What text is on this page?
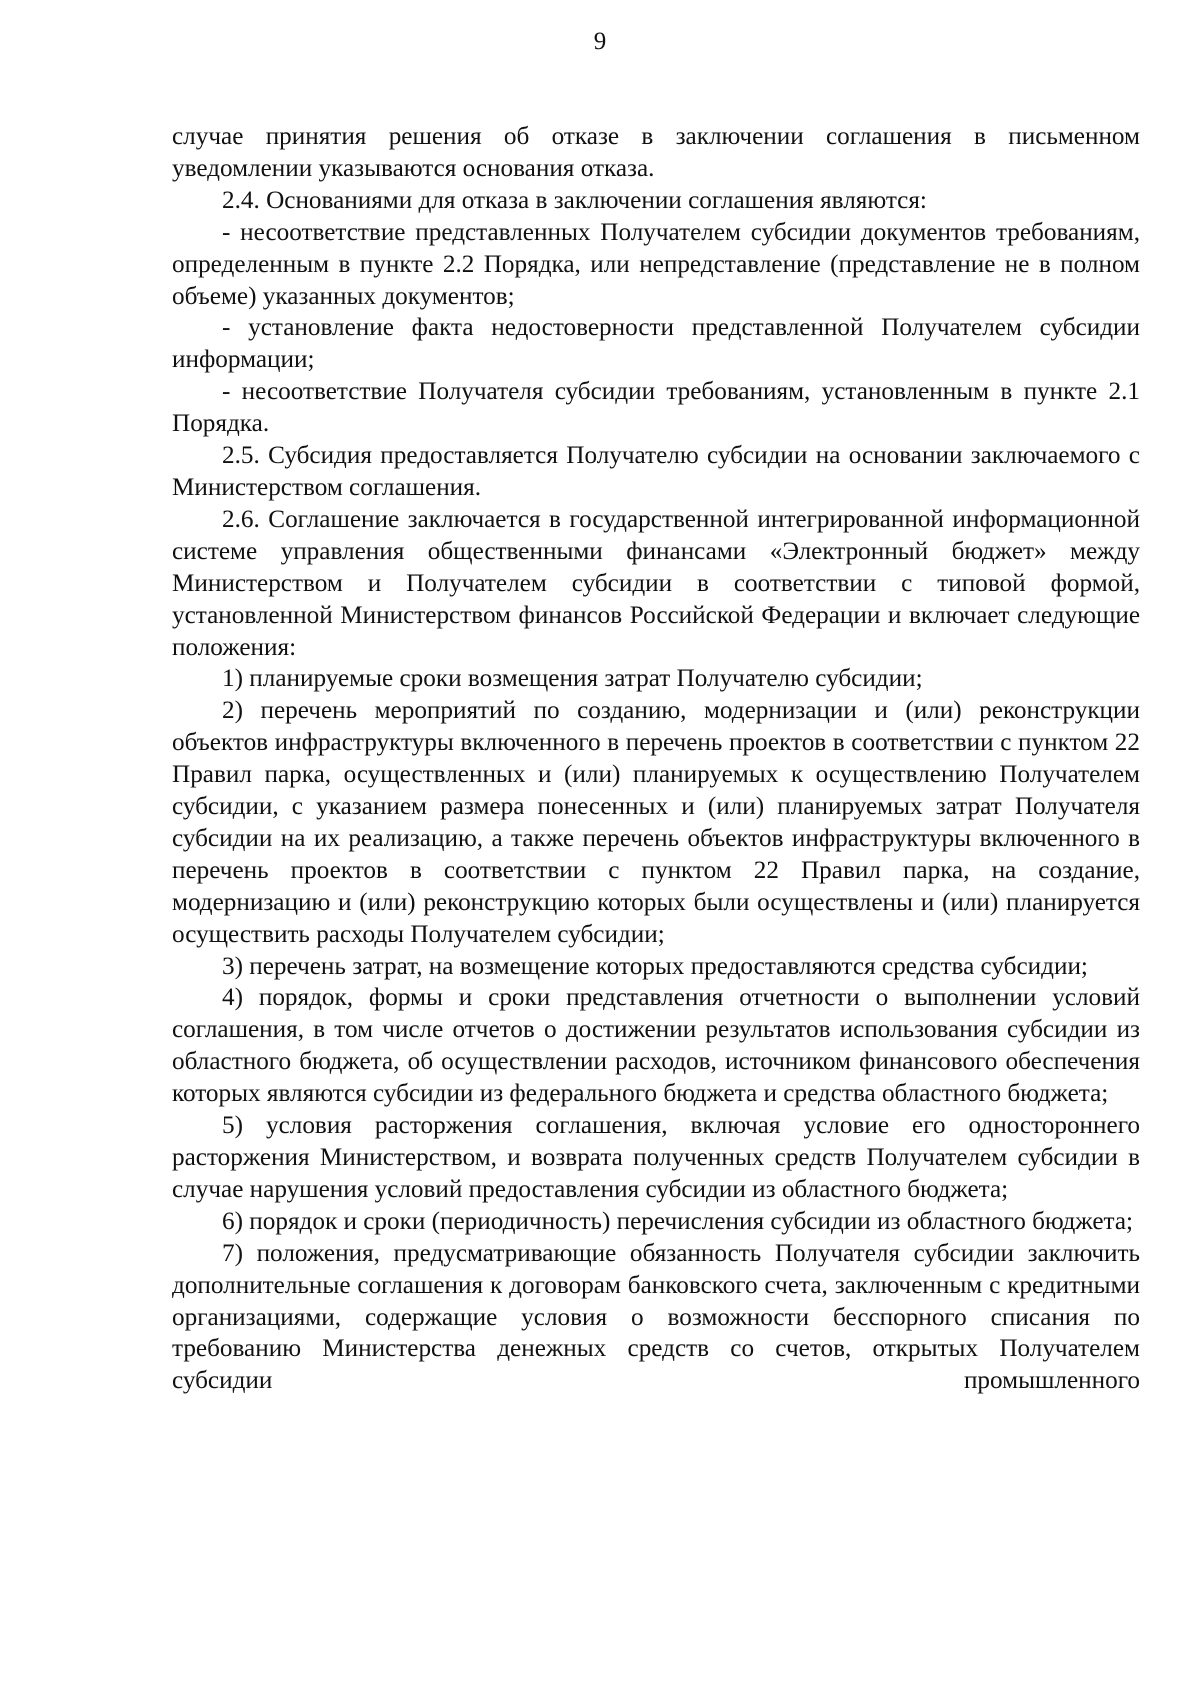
9

случае принятия решения об отказе в заключении соглашения в письменном уведомлении указываются основания отказа.

2.4. Основаниями для отказа в заключении соглашения являются:

- несоответствие представленных Получателем субсидии документов требованиям, определенным в пункте 2.2 Порядка, или непредставление (представление не в полном объеме) указанных документов;

- установление факта недостоверности представленной Получателем субсидии информации;

- несоответствие Получателя субсидии требованиям, установленным в пункте 2.1 Порядка.

2.5. Субсидия предоставляется Получателю субсидии на основании заключаемого с Министерством соглашения.

2.6. Соглашение заключается в государственной интегрированной информационной системе управления общественными финансами «Электронный бюджет» между Министерством и Получателем субсидии в соответствии с типовой формой, установленной Министерством финансов Российской Федерации и включает следующие положения:

1) планируемые сроки возмещения затрат Получателю субсидии;

2) перечень мероприятий по созданию, модернизации и (или) реконструкции объектов инфраструктуры включенного в перечень проектов в соответствии с пунктом 22 Правил парка, осуществленных и (или) планируемых к осуществлению Получателем субсидии, с указанием размера понесенных и (или) планируемых затрат Получателя субсидии на их реализацию, а также перечень объектов инфраструктуры включенного в перечень проектов в соответствии с пунктом 22 Правил парка, на создание, модернизацию и (или) реконструкцию которых были осуществлены и (или) планируется осуществить расходы Получателем субсидии;

3) перечень затрат, на возмещение которых предоставляются средства субсидии;

4) порядок, формы и сроки представления отчетности о выполнении условий соглашения, в том числе отчетов о достижении результатов использования субсидии из областного бюджета, об осуществлении расходов, источником финансового обеспечения которых являются субсидии из федерального бюджета и средства областного бюджета;

5) условия расторжения соглашения, включая условие его одностороннего расторжения Министерством, и возврата полученных средств Получателем субсидии в случае нарушения условий предоставления субсидии из областного бюджета;

6) порядок и сроки (периодичность) перечисления субсидии из областного бюджета;

7) положения, предусматривающие обязанность Получателя субсидии заключить дополнительные соглашения к договорам банковского счета, заключенным с кредитными организациями, содержащие условия о возможности бесспорного списания по требованию Министерства денежных средств со счетов, открытых Получателем субсидии промышленного
